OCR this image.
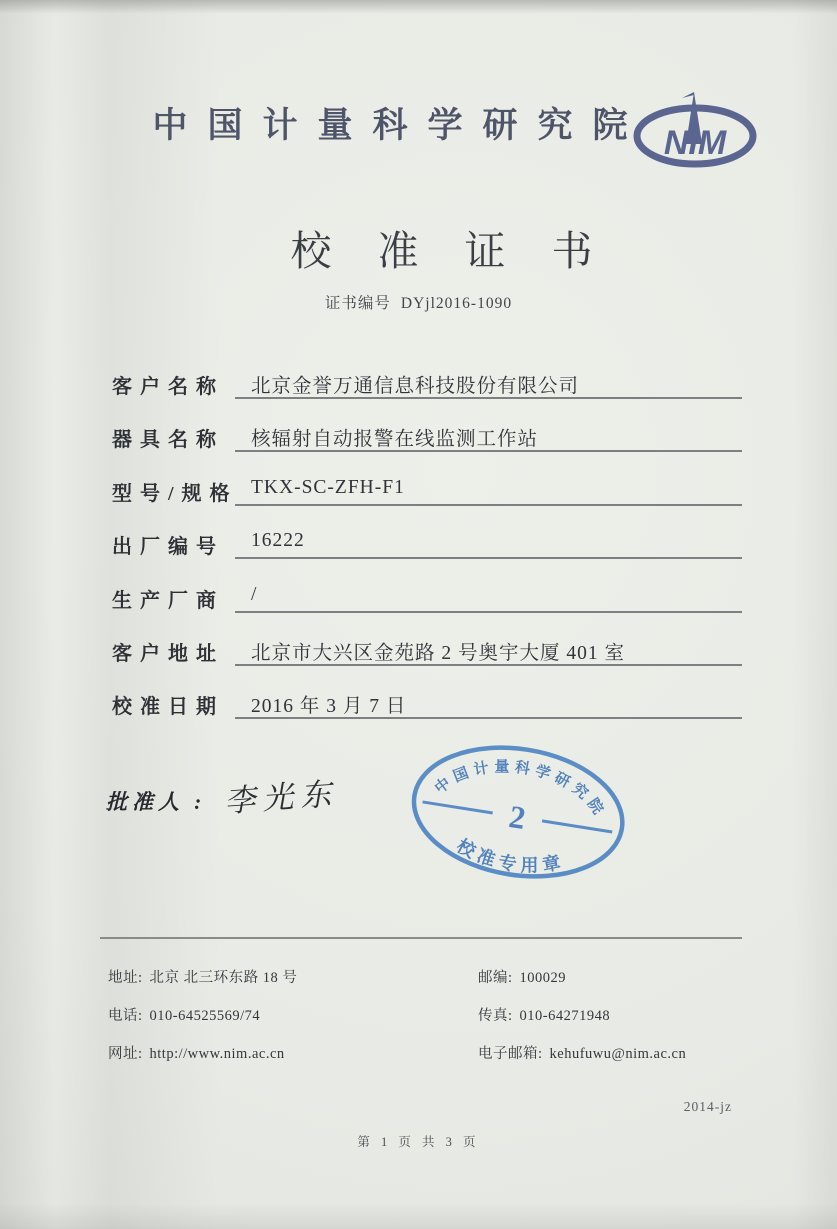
中国计量科学研究院 NIM
校准证书
证书编号 DYjl2016-1090
客户名称 北京金誉万通信息科技股份有限公司
器具名称 核辐射自动报警在线监测工作站
型号/规格 TKX-SC-ZFH-F1
出厂编号 16222
生产厂商 /
客户地址 北京市大兴区金苑路 2 号奥宇大厦 401 室
校准日期 2016 年 3 月 7 日
批准人 : 李光东	中国计量科学研究院
2
校准专用章
地址: 北京 北三环东路 18 号	邮编: 100029
电话: 010-64525569/74	传真: 010-64271948
网址: http://www.nim.ac.cn	电子邮箱: kehufuwu@nim.ac.cn
2014-jz
第 1 页 共 3 页
